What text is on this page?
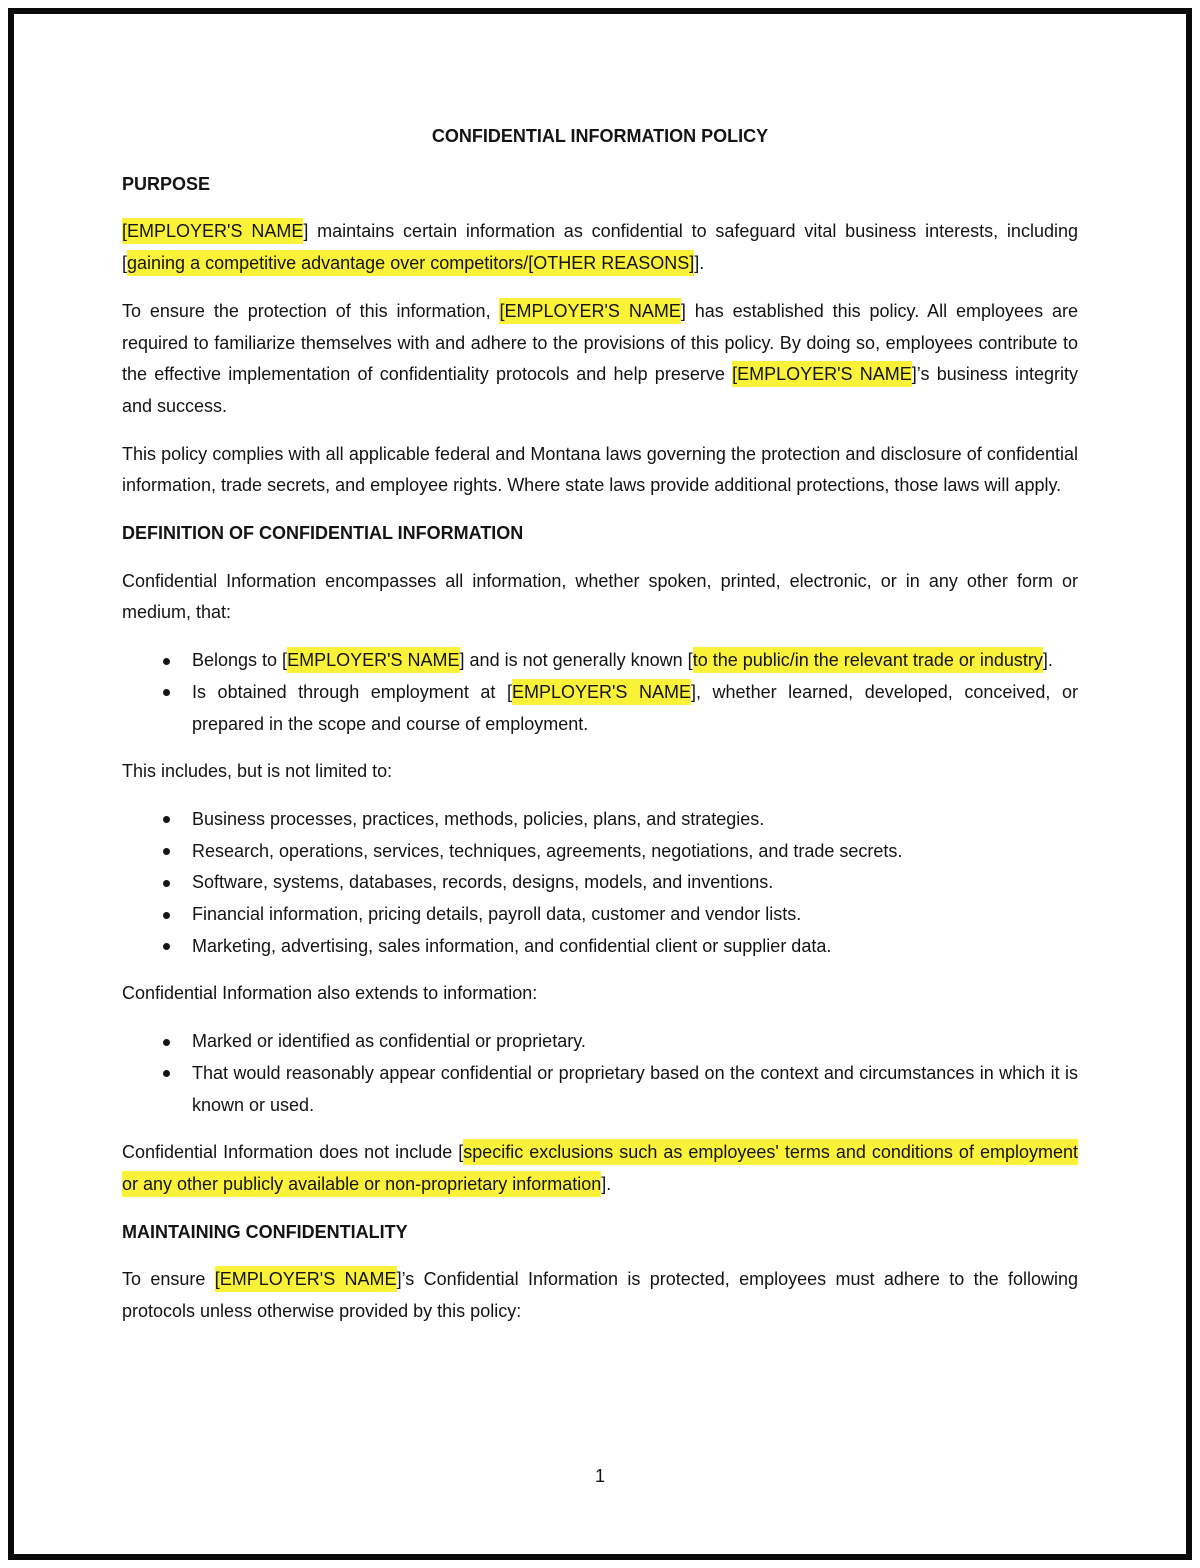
CONFIDENTIAL INFORMATION POLICY
PURPOSE

[EMPLOYER'S NAME] maintains certain information as confidential to safeguard vital business interests, including [gaining a competitive advantage over competitors/[OTHER REASONS]].

To ensure the protection of this information, [EMPLOYER'S NAME] has established this policy. All employees are required to familiarize themselves with and adhere to the provisions of this policy. By doing so, employees contribute to the effective implementation of confidentiality protocols and help preserve [EMPLOYER'S NAME]’s business integrity and success.

This policy complies with all applicable federal and Montana laws governing the protection and disclosure of confidential information, trade secrets, and employee rights. Where state laws provide additional protections, those laws will apply.

DEFINITION OF CONFIDENTIAL INFORMATION

Confidential Information encompasses all information, whether spoken, printed, electronic, or in any other form or medium, that:

Belongs to [EMPLOYER'S NAME] and is not generally known [to the public/in the relevant trade or industry].
Is obtained through employment at [EMPLOYER'S NAME], whether learned, developed, conceived, or prepared in the scope and course of employment.

This includes, but is not limited to:

Business processes, practices, methods, policies, plans, and strategies.
Research, operations, services, techniques, agreements, negotiations, and trade secrets.
Software, systems, databases, records, designs, models, and inventions.
Financial information, pricing details, payroll data, customer and vendor lists.
Marketing, advertising, sales information, and confidential client or supplier data.

Confidential Information also extends to information:

Marked or identified as confidential or proprietary.
That would reasonably appear confidential or proprietary based on the context and circumstances in which it is known or used.

Confidential Information does not include [specific exclusions such as employees' terms and conditions of employment or any other publicly available or non-proprietary information].

MAINTAINING CONFIDENTIALITY

To ensure [EMPLOYER'S NAME]’s Confidential Information is protected, employees must adhere to the following protocols unless otherwise provided by this policy:

1
